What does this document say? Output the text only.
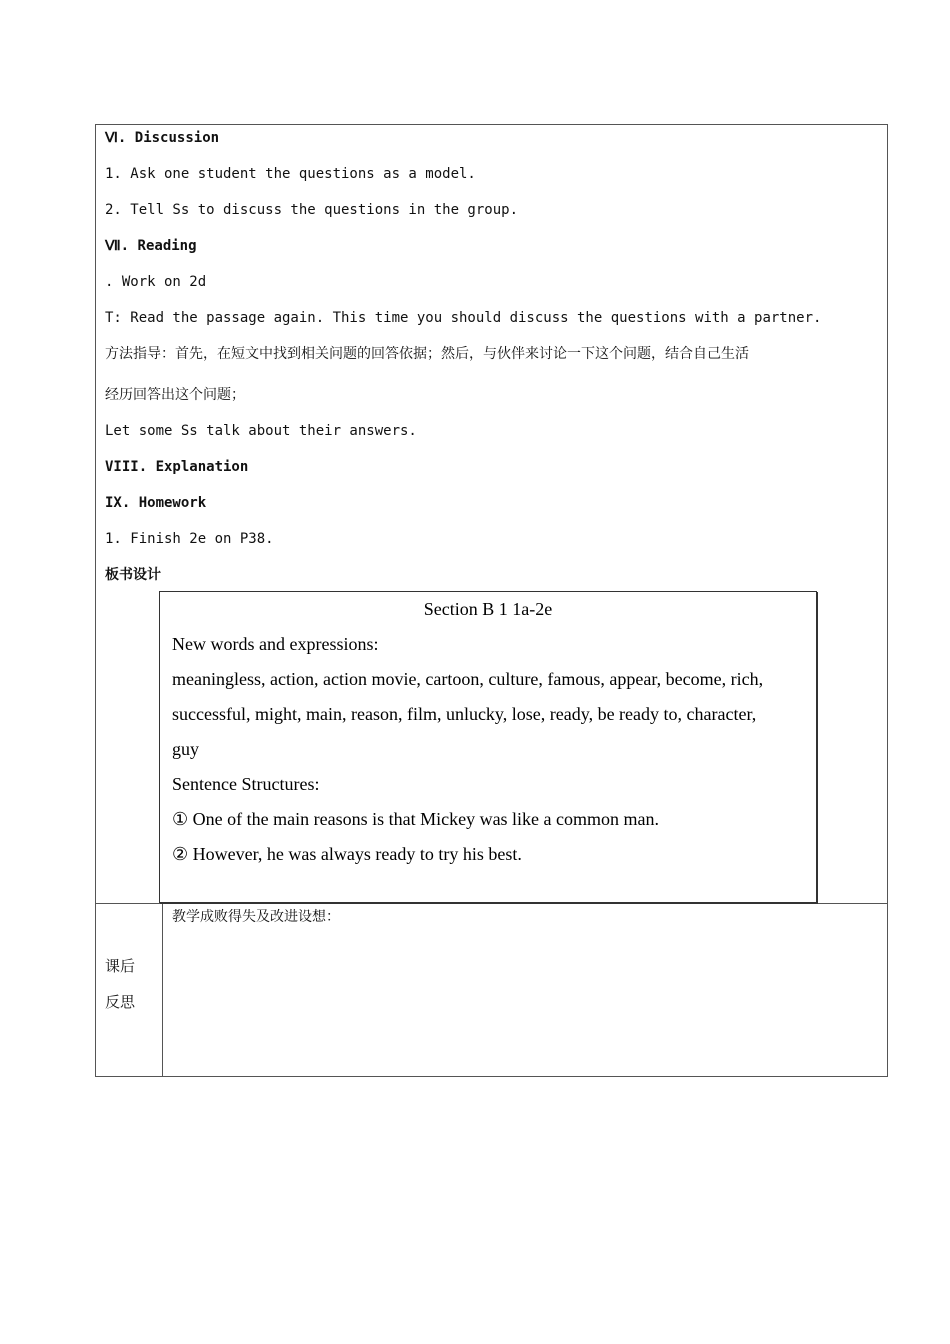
Ⅵ. Discussion
1. Ask one student the questions as a model.
2. Tell Ss to discuss the questions in the group.
Ⅶ. Reading
. Work on 2d
T: Read the passage again. This time you should discuss the questions with a partner.
方法指导：首先，在短文中找到相关问题的回答依据；然后，与伙伴来讨论一下这个问题，结合自己生活
经历回答出这个问题；
Let some Ss talk about their answers.
VIII. Explanation
IX. Homework
1. Finish 2e on P38.
板书设计
Section B 1 1a-2e
New words and expressions:
meaningless, action, action movie, cartoon, culture, famous, appear, become, rich,
successful, might, main, reason, film, unlucky, lose, ready, be ready to, character,
guy
Sentence Structures:
① One of the main reasons is that Mickey was like a common man.
② However, he was always ready to try his best.
课后
反思
教学成败得失及改进设想：
